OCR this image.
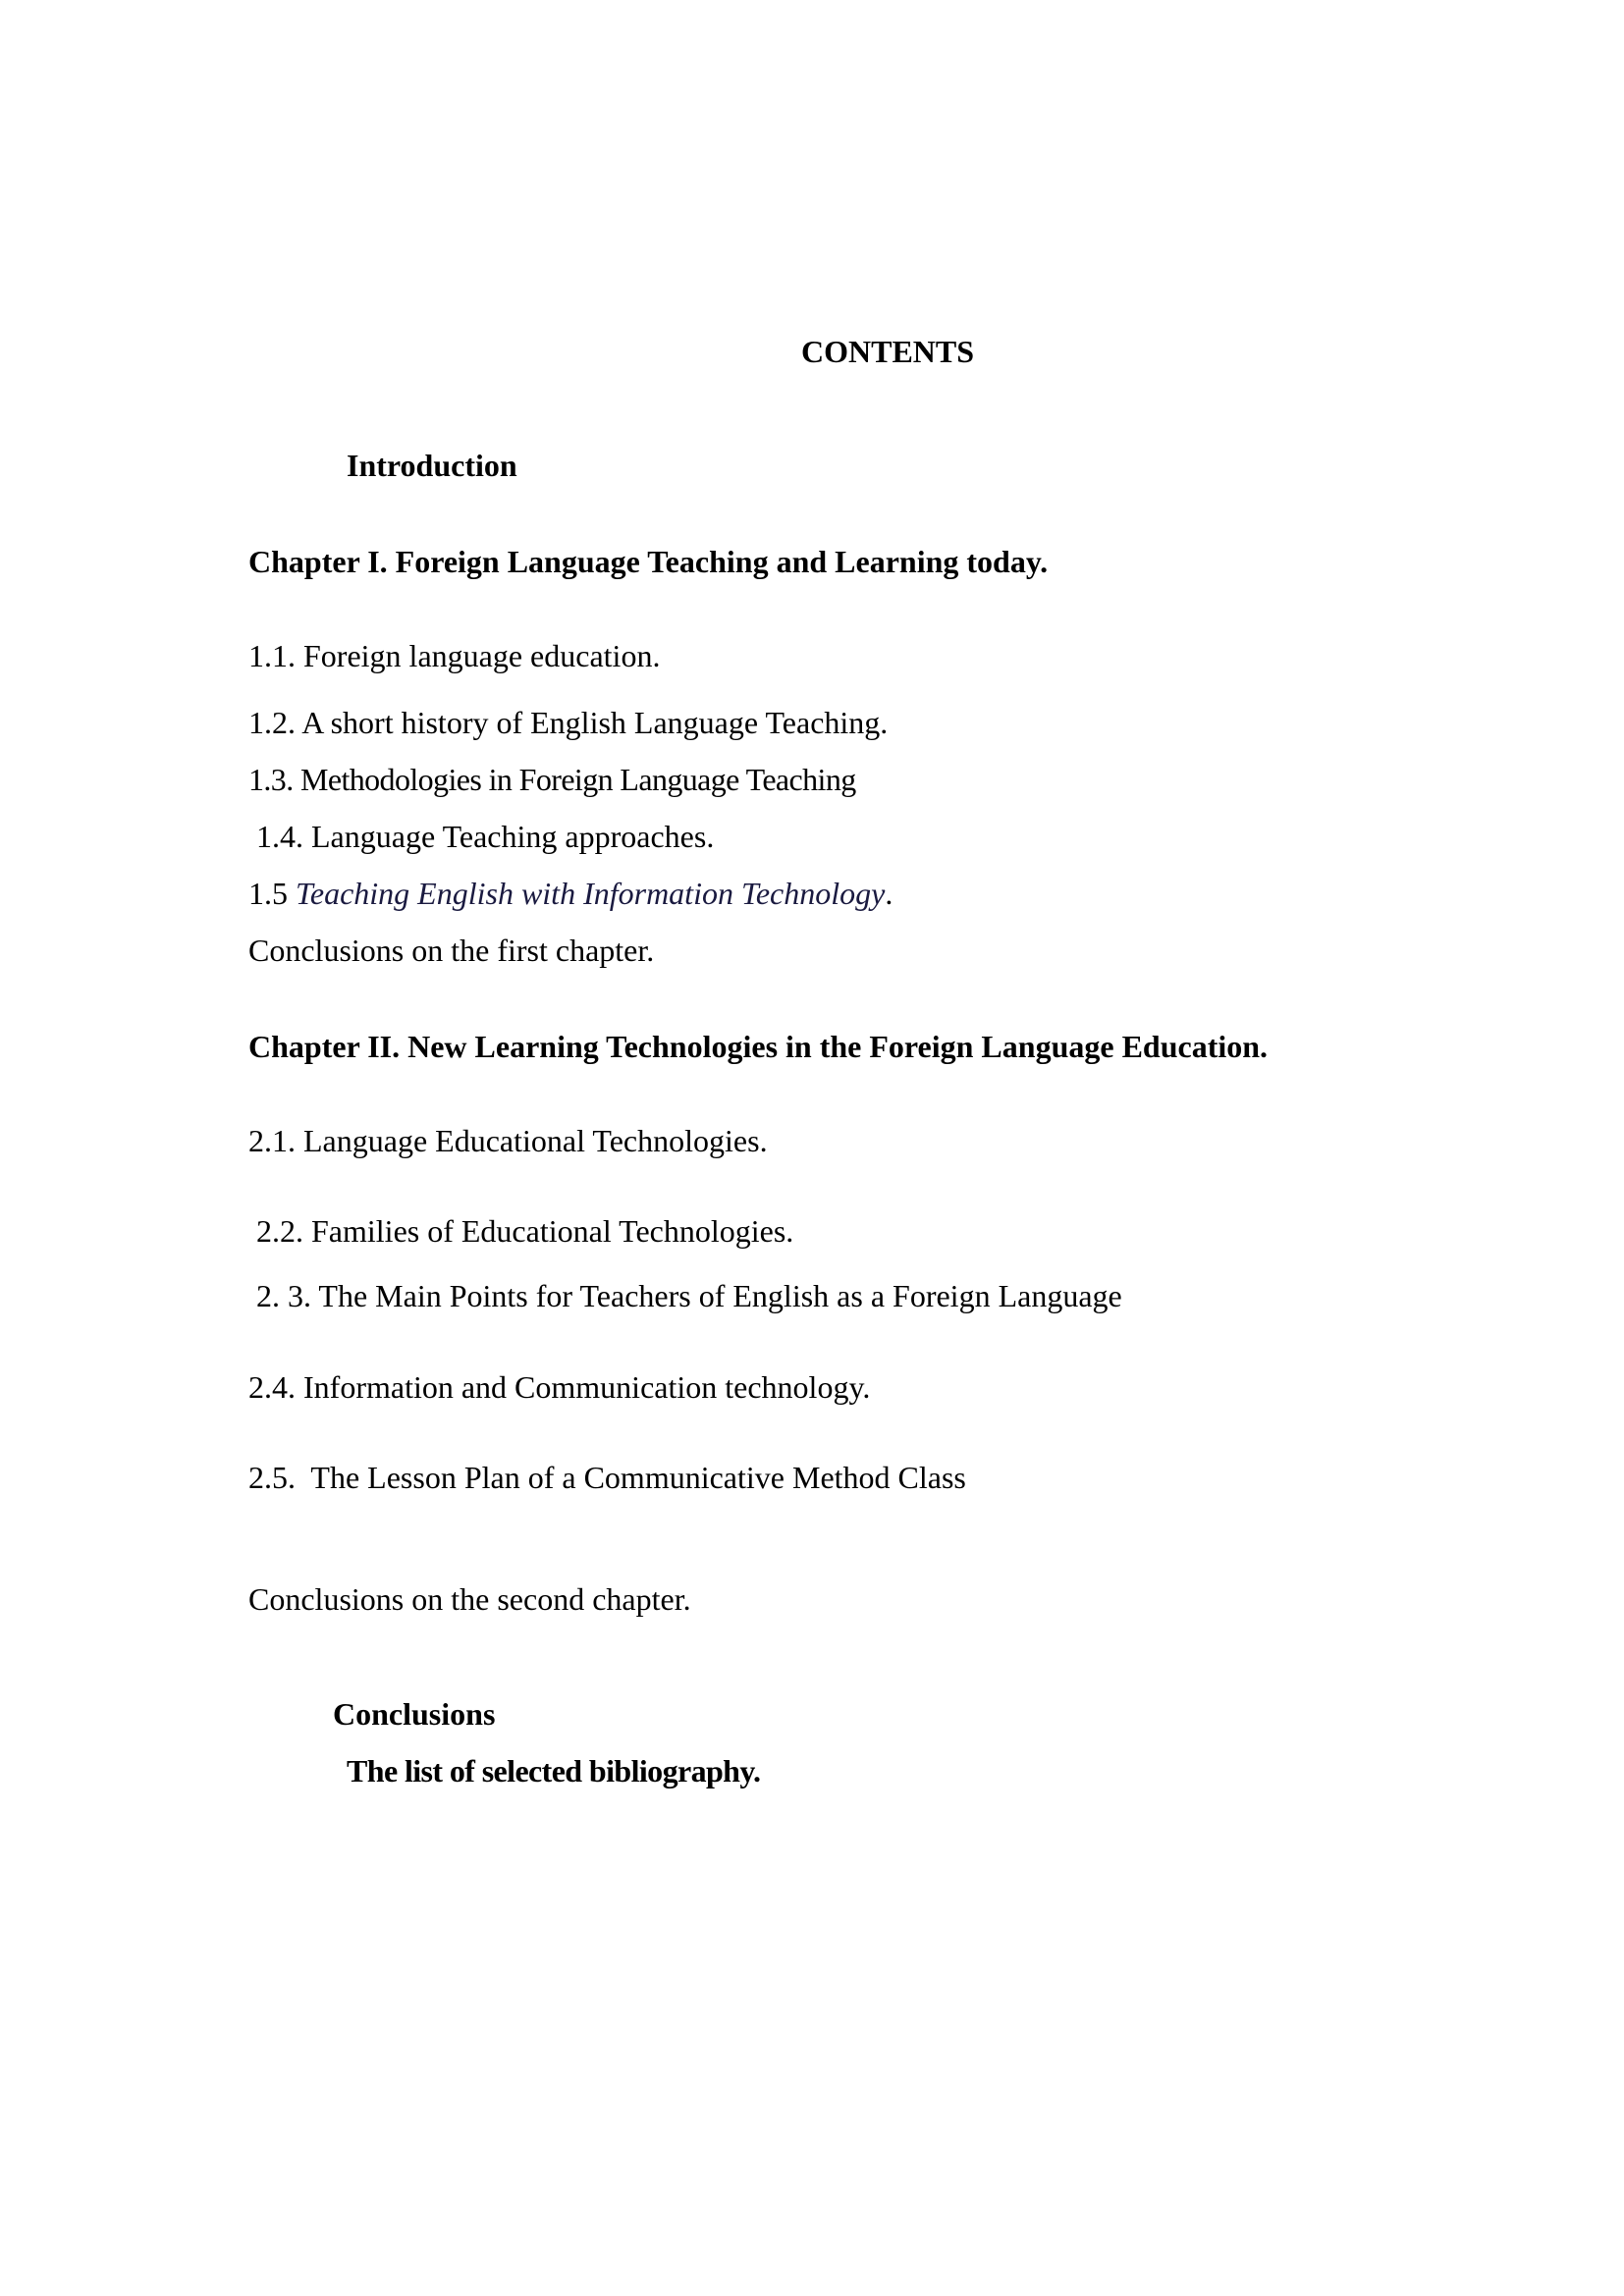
CONTENTS
Introduction
Chapter I. Foreign Language Teaching and Learning today.
1.1. Foreign language education.
1.2. A short history of English Language Teaching.
1.3. Methodologies in Foreign Language Teaching
1.4. Language Teaching approaches.
1.5 Teaching English with Information Technology.
Conclusions on the first chapter.
Chapter II. New Learning Technologies in the Foreign Language Education.
2.1. Language Educational Technologies.
2.2. Families of Educational Technologies.
2. 3. The Main Points for Teachers of English as a Foreign Language
2.4. Information and Communication technology.
2.5.  The Lesson Plan of a Communicative Method Class
Conclusions on the second chapter.
Conclusions
The list of selected bibliography.
